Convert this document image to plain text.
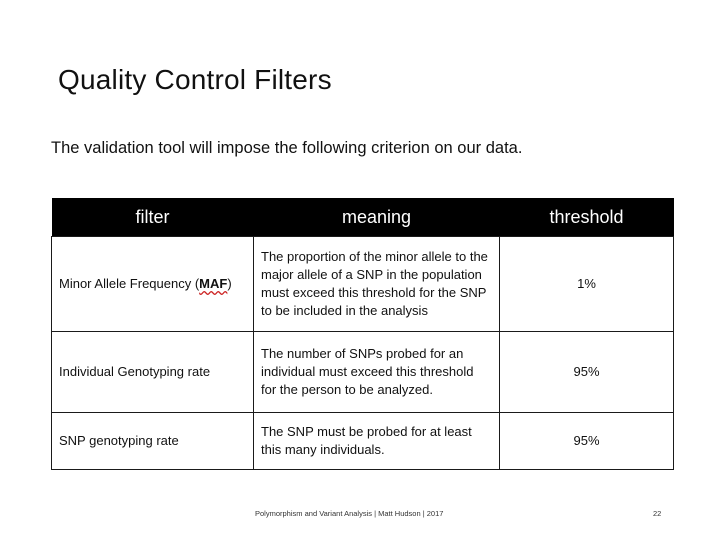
Quality Control Filters

The validation tool will impose the following criterion on our data.

filter	meaning	threshold
Minor Allele Frequency (MAF)	The proportion of the minor allele to the major allele of a SNP in the population must exceed this threshold for the SNP to be included in the analysis	1%
Individual Genotyping rate	The number of SNPs probed for an individual must exceed this threshold for the person to be analyzed.	95%
SNP genotyping rate	The SNP must be probed for at least this many individuals.	95%
Polymorphism and Variant Analysis | Matt Hudson | 2017	22
